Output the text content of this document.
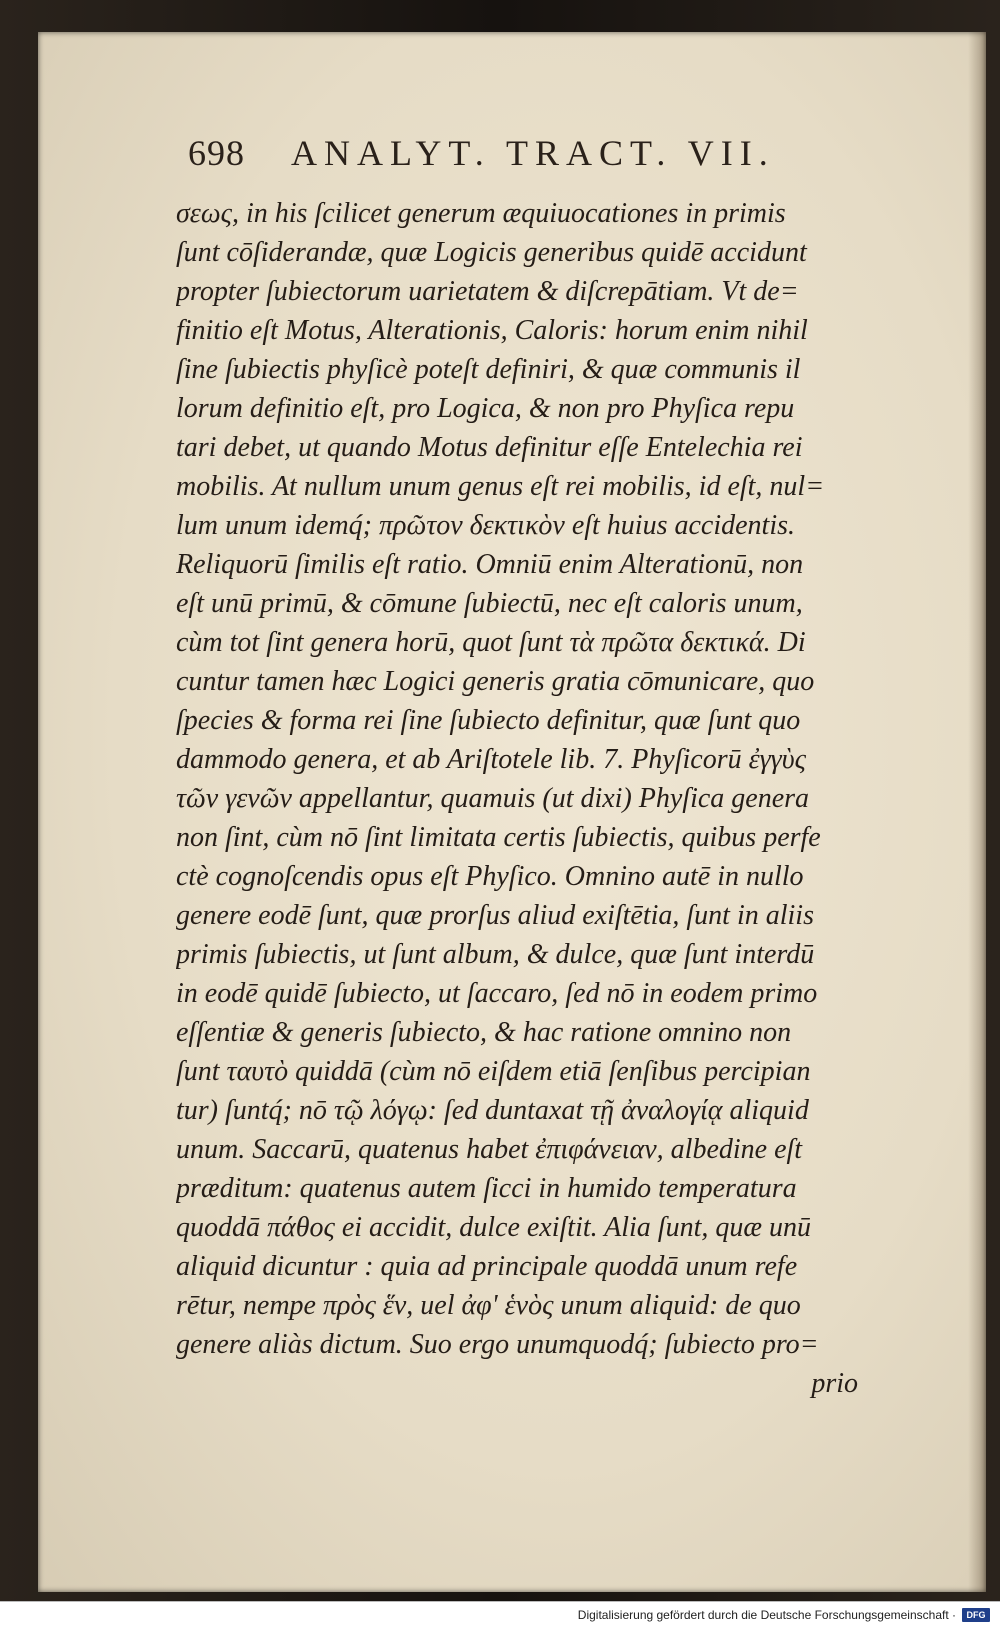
698 ANALYT. TRACT. VII.
σεως, in his ſcilicet generum æquiuocationes in primis
ſunt cōſiderandæ, quæ Logicis generibus quidē accidunt
propter ſubiectorum uarietatem & diſcrepātiam. Vt de=
finitio eſt Motus, Alterationis, Caloris: horum enim nihil
ſine ſubiectis phyſicè poteſt definiri, & quæ communis il
lorum definitio eſt, pro Logica, & non pro Phyſica repu
tari debet, ut quando Motus definitur eſſe Entelechia rei
mobilis. At nullum unum genus eſt rei mobilis, id eſt, nul=
lum unum idemq́; πρῶτον δεκτικὸν eſt huius accidentis.
Reliquorū ſimilis eſt ratio. Omniū enim Alterationū, non
eſt unū primū, & cōmune ſubiectū, nec eſt caloris unum,
cùm tot ſint genera horū, quot ſunt τὰ πρῶτα δεκτικά. Di
cuntur tamen hæc Logici generis gratia cōmunicare, quo
ſpecies & forma rei ſine ſubiecto definitur, quæ ſunt quo
dammodo genera, et ab Ariſtotele lib. 7. Phyſicorū ἐγγὺς
τῶν γενῶν appellantur, quamuis (ut dixi) Phyſica genera
non ſint, cùm nō ſint limitata certis ſubiectis, quibus perfe
ctè cognoſcendis opus eſt Phyſico. Omnino autē in nullo
genere eodē ſunt, quæ prorſus aliud exiſtētia, ſunt in aliis
primis ſubiectis, ut ſunt album, & dulce, quæ ſunt interdū
in eodē quidē ſubiecto, ut ſaccaro, ſed nō in eodem primo
eſſentiæ & generis ſubiecto, & hac ratione omnino non
ſunt ταυτὸ quiddā (cùm nō eiſdem etiā ſenſibus percipian
tur) ſuntq́; nō τῷ λόγῳ: ſed duntaxat τῇ ἀναλογίᾳ aliquid
unum. Saccarū, quatenus habet ἐπιφάνειαν, albedine eſt
præditum: quatenus autem ſicci in humido temperatura
quoddā πάθος ei accidit, dulce exiſtit. Alia ſunt, quæ unū
aliquid dicuntur : quia ad principale quoddā unum refe
rētur, nempe πρὸς ἕν, uel ἀφ' ἑνὸς unum aliquid: de quo
genere aliàs dictum. Suo ergo unumquodq́; ſubiecto pro=
prio
Digitalisierung gefördert durch die Deutsche Forschungsgemeinschaft ·	DFG
